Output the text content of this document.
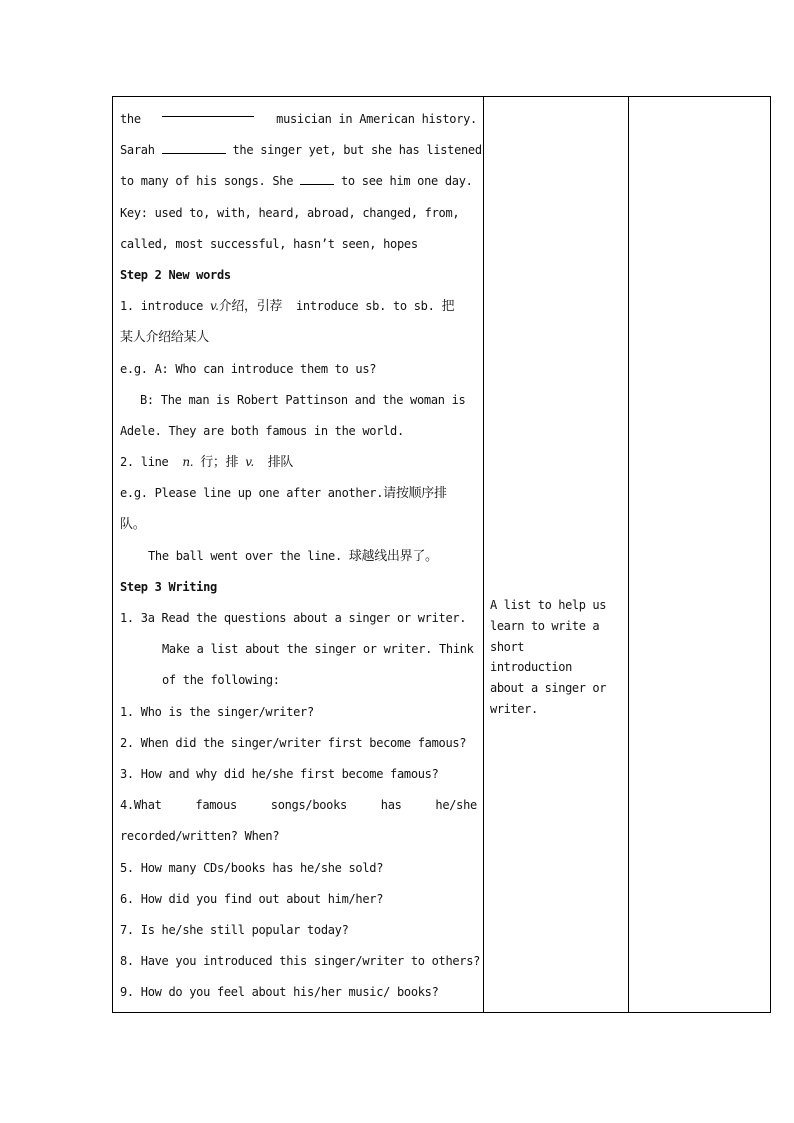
the	musician in American history.
Sarah	the singer yet, but she has listened
to many of his songs. She	to see him one day.
Key: used to, with, heard, abroad, changed, from,
called, most successful, hasn’t seen, hopes
Step 2 New words
1. introduce v.介绍，引荐 introduce sb. to sb. 把
某人介绍给某人
e.g. A: Who can introduce them to us?
B: The man is Robert Pattinson and the woman is
Adele. They are both famous in the world.
2. line n. 行；排 v. 排队
e.g. Please line up one after another.请按顺序排
队。
The ball went over the line. 球越线出界了。
Step 3 Writing
1. 3a Read the questions about a singer or writer.
Make a list about the singer or writer. Think
of the following:
1. Who is the singer/writer?
2. When did the singer/writer first become famous?
3. How and why did he/she first become famous?
4.What	famous	songs/books	has	he/she
recorded/written? When?
5. How many CDs/books has he/she sold?
6. How did you find out about him/her?
7. Is he/she still popular today?
8. Have you introduced this singer/writer to others?
9. How do you feel about his/her music/ books?

A list to help us
learn to write a
short
introduction
about a singer or
writer.
